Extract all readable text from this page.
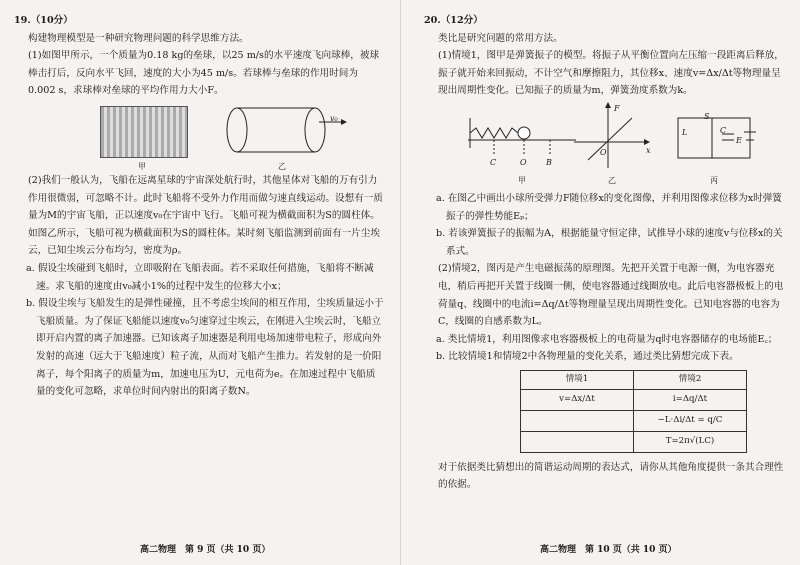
19.（10分）

构建物理模型是一种研究物理问题的科学思维方法。

(1)如图甲所示，一个质量为0.18 kg的垒球，以25 m/s的水平速度飞向球棒，被球棒击打后，反向水平飞回，速度的大小为45 m/s。若球棒与垒球的作用时间为0.002 s，求球棒对垒球的平均作用力大小F。

甲
v₀
乙

(2)我们一般认为，飞船在远离星球的宇宙深处航行时，其他星体对飞船的万有引力作用很微弱，可忽略不计。此时飞船将不受外力作用而做匀速直线运动。设想有一质量为M的宇宙飞船，正以速度v₀在宇宙中飞行。飞船可视为横截面积为S的圆柱体。如图乙所示，飞船可视为横截面积为S的圆柱体。某时刻飞船监测到前面有一片尘埃云，已知尘埃云分布均匀，密度为ρ。

a. 假设尘埃碰到飞船时，立即吸附在飞船表面。若不采取任何措施，飞船将不断减速。求飞船的速度由v₀减小1%的过程中发生的位移大小x；

b. 假设尘埃与飞船发生的是弹性碰撞，且不考虑尘埃间的相互作用，尘埃质量远小于飞船质量。为了保证飞船能以速度v₀匀速穿过尘埃云，在刚进入尘埃云时，飞船立即开启内置的离子加速器。已知该离子加速器是利用电场加速带电粒子，形成向外发射的高速（远大于飞船速度）粒子流，从而对飞船产生推力。若发射的是一价阳离子，每个阳离子的质量为m，加速电压为U，元电荷为e。在加速过程中飞船质量的变化可忽略，求单位时间内射出的阳离子数N。

高二物理　第 9 页（共 10 页）

20.（12分）

类比是研究问题的常用方法。

(1)情境1，图甲是弹簧振子的模型。将振子从平衡位置向左压缩一段距离后释放，振子就开始来回振动，不计空气和摩擦阻力，其位移x、速度v=Δx/Δt等物理量呈现出周期性变化。已知振子的质量为m，弹簧劲度系数为k。

C	O B
甲
F
x
O
乙
L
S
C
E
丙

a. 在图乙中画出小球所受弹力F随位移x的变化图像，并利用图像求位移为x时弹簧振子的弹性势能Eₚ；

b. 若该弹簧振子的振幅为A，根据能量守恒定律，试推导小球的速度v与位移x的关系式。

(2)情境2，图丙是产生电磁振荡的原理图。先把开关置于电源一侧，为电容器充电，稍后再把开关置于线圈一侧，使电容器通过线圈放电。此后电容器极板上的电荷量q、线圈中的电流i=Δq/Δt等物理量呈现出周期性变化。已知电容器的电容为C，线圈的自感系数为L。

a. 类比情境1，利用图像求电容器极板上的电荷量为q时电容器储存的电场能E꜀；

b. 比较情境1和情境2中各物理量的变化关系，通过类比猜想完成下表。

情境1	情境2
v=Δx/Δt	i=Δq/Δt
	−L·Δi/Δt = q/C
	T=2π√(LC)

对于依据类比猜想出的简谐运动周期的表达式，请你从其他角度提供一条其合理性的依据。

高二物理　第 10 页（共 10 页）
